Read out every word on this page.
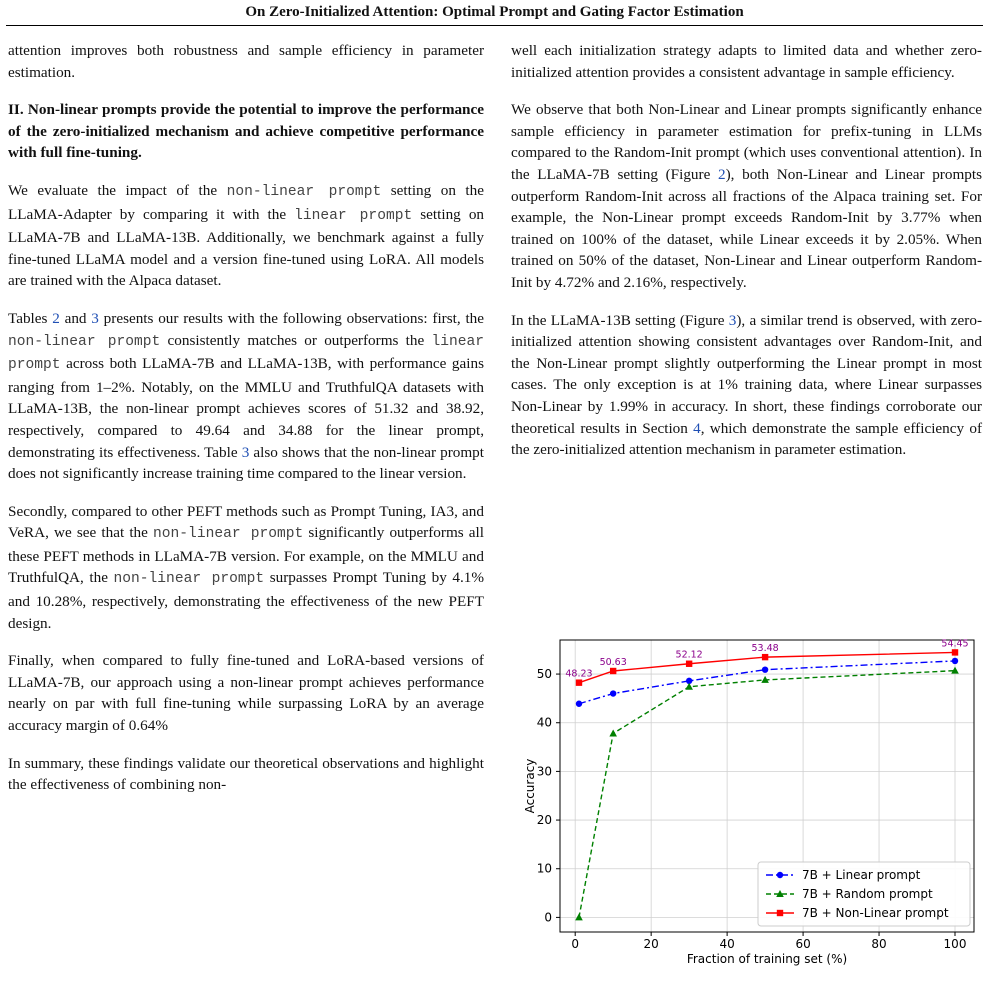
On Zero-Initialized Attention: Optimal Prompt and Gating Factor Estimation

attention improves both robustness and sample efficiency in parameter estimation.

II. Non-linear prompts provide the potential to improve the performance of the zero-initialized mechanism and achieve competitive performance with full fine-tuning.

We evaluate the impact of the non-linear prompt setting on the LLaMA-Adapter by comparing it with the linear prompt setting on LLaMA-7B and LLaMA-13B. Additionally, we benchmark against a fully fine-tuned LLaMA model and a version fine-tuned using LoRA. All models are trained with the Alpaca dataset.

Tables 2 and 3 presents our results with the following observations: first, the non-linear prompt consistently matches or outperforms the linear prompt across both LLaMA-7B and LLaMA-13B, with performance gains ranging from 1–2%. Notably, on the MMLU and TruthfulQA datasets with LLaMA-13B, the non-linear prompt achieves scores of 51.32 and 38.92, respectively, compared to 49.64 and 34.88 for the linear prompt, demonstrating its effectiveness. Table 3 also shows that the non-linear prompt does not significantly increase training time compared to the linear version.

Secondly, compared to other PEFT methods such as Prompt Tuning, IA3, and VeRA, we see that the non-linear prompt significantly outperforms all these PEFT methods in LLaMA-7B version. For example, on the MMLU and TruthfulQA, the non-linear prompt surpasses Prompt Tuning by 4.1% and 10.28%, respectively, demonstrating the effectiveness of the new PEFT design.

Finally, when compared to fully fine-tuned and LoRA-based versions of LLaMA-7B, our approach using a non-linear prompt achieves performance nearly on par with full fine-tuning while surpassing LoRA by an average accuracy margin of 0.64%

In summary, these findings validate our theoretical observations and highlight the effectiveness of combining non-

well each initialization strategy adapts to limited data and whether zero-initialized attention provides a consistent advantage in sample efficiency.

We observe that both Non-Linear and Linear prompts significantly enhance sample efficiency in parameter estimation for prefix-tuning in LLMs compared to the Random-Init prompt (which uses conventional attention). In the LLaMA-7B setting (Figure 2), both Non-Linear and Linear prompts outperform Random-Init across all fractions of the Alpaca training set. For example, the Non-Linear prompt exceeds Random-Init by 3.77% when trained on 100% of the dataset, while Linear exceeds it by 2.05%. When trained on 50% of the dataset, Non-Linear and Linear outperform Random-Init by 4.72% and 2.16%, respectively.

In the LLaMA-13B setting (Figure 3), a similar trend is observed, with zero-initialized attention showing consistent advantages over Random-Init, and the Non-Linear prompt slightly outperforming the Linear prompt in most cases. The only exception is at 1% training data, where Linear surpasses Non-Linear by 1.99% in accuracy. In short, these findings corroborate our theoretical results in Section 4, which demonstrate the sample efficiency of the zero-initialized attention mechanism in parameter estimation.

0	20	40	60	80	100
0
10
20
30
40
50
Fraction of training set (%)
Accuracy
48.23
50.63
52.12
53.48	54.45
7B + Linear prompt
7B + Random prompt
7B + Non-Linear prompt
